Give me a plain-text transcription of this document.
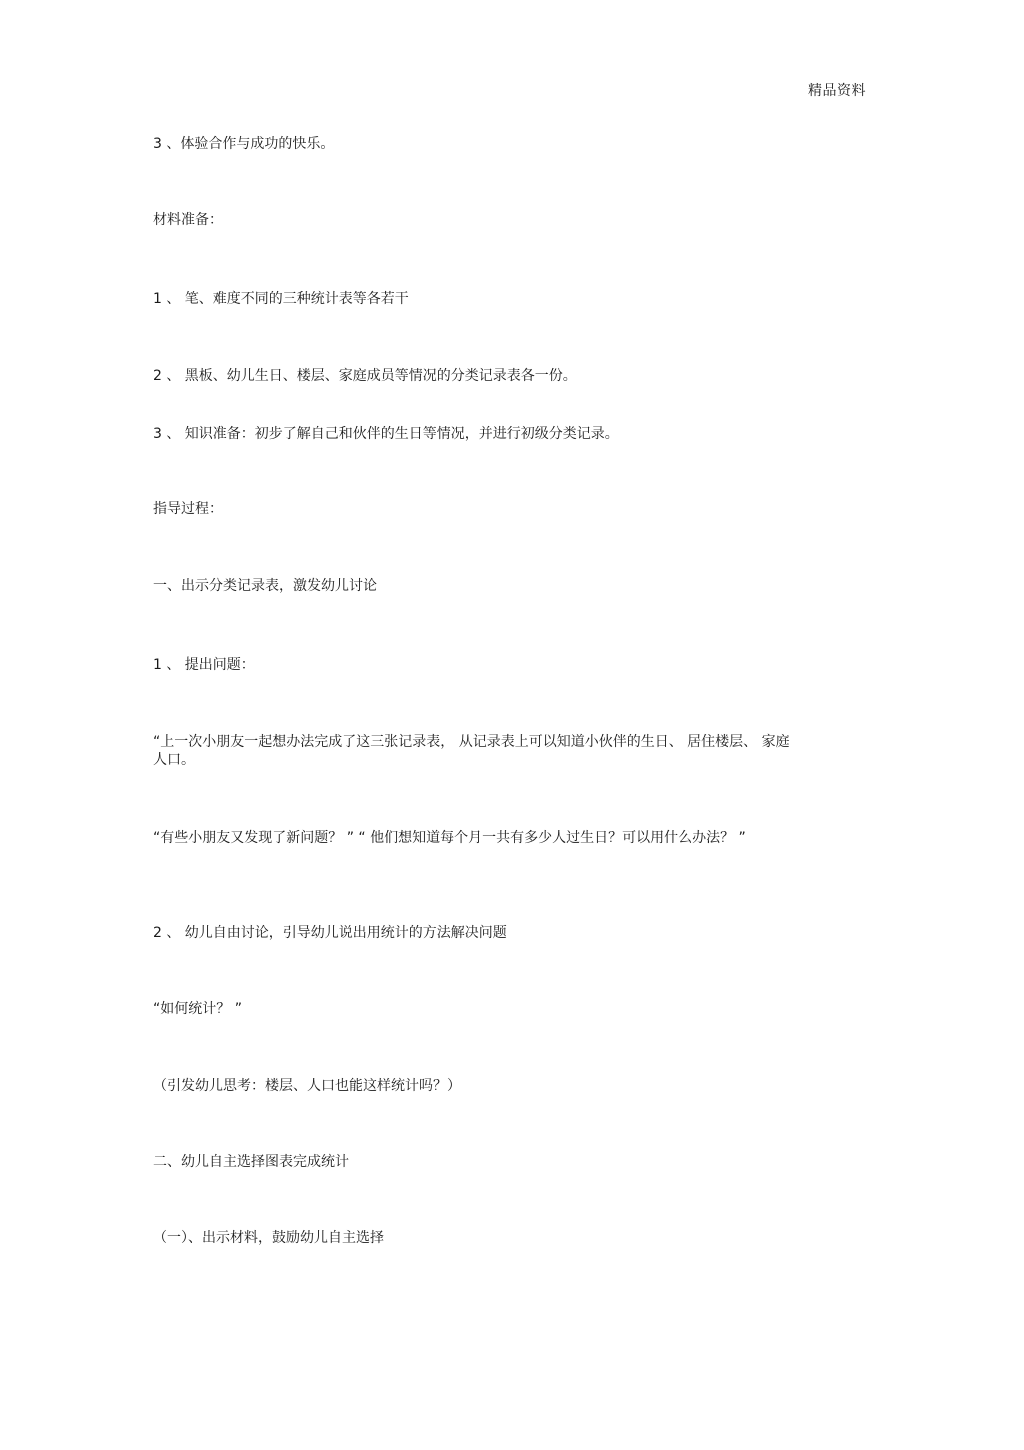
精品资料
3 、体验合作与成功的快乐。
材料准备：
1 、 笔、难度不同的三种统计表等各若干
2 、 黑板、幼儿生日、楼层、家庭成员等情况的分类记录表各一份。
3 、 知识准备：初步了解自己和伙伴的生日等情况，并进行初级分类记录。
指导过程：
一、出示分类记录表，激发幼儿讨论
1 、 提出问题：
“上一次小朋友一起想办法完成了这三张记录表， 从记录表上可以知道小伙伴的生日、 居住楼层、 家庭人口。
“有些小朋友又发现了新问题？ ” “ 他们想知道每个月一共有多少人过生日？可以用什么办法？ ”
2 、 幼儿自由讨论，引导幼儿说出用统计的方法解决问题
“如何统计？ ”
（引发幼儿思考：楼层、人口也能这样统计吗？）
二、幼儿自主选择图表完成统计
（一）、出示材料，鼓励幼儿自主选择
